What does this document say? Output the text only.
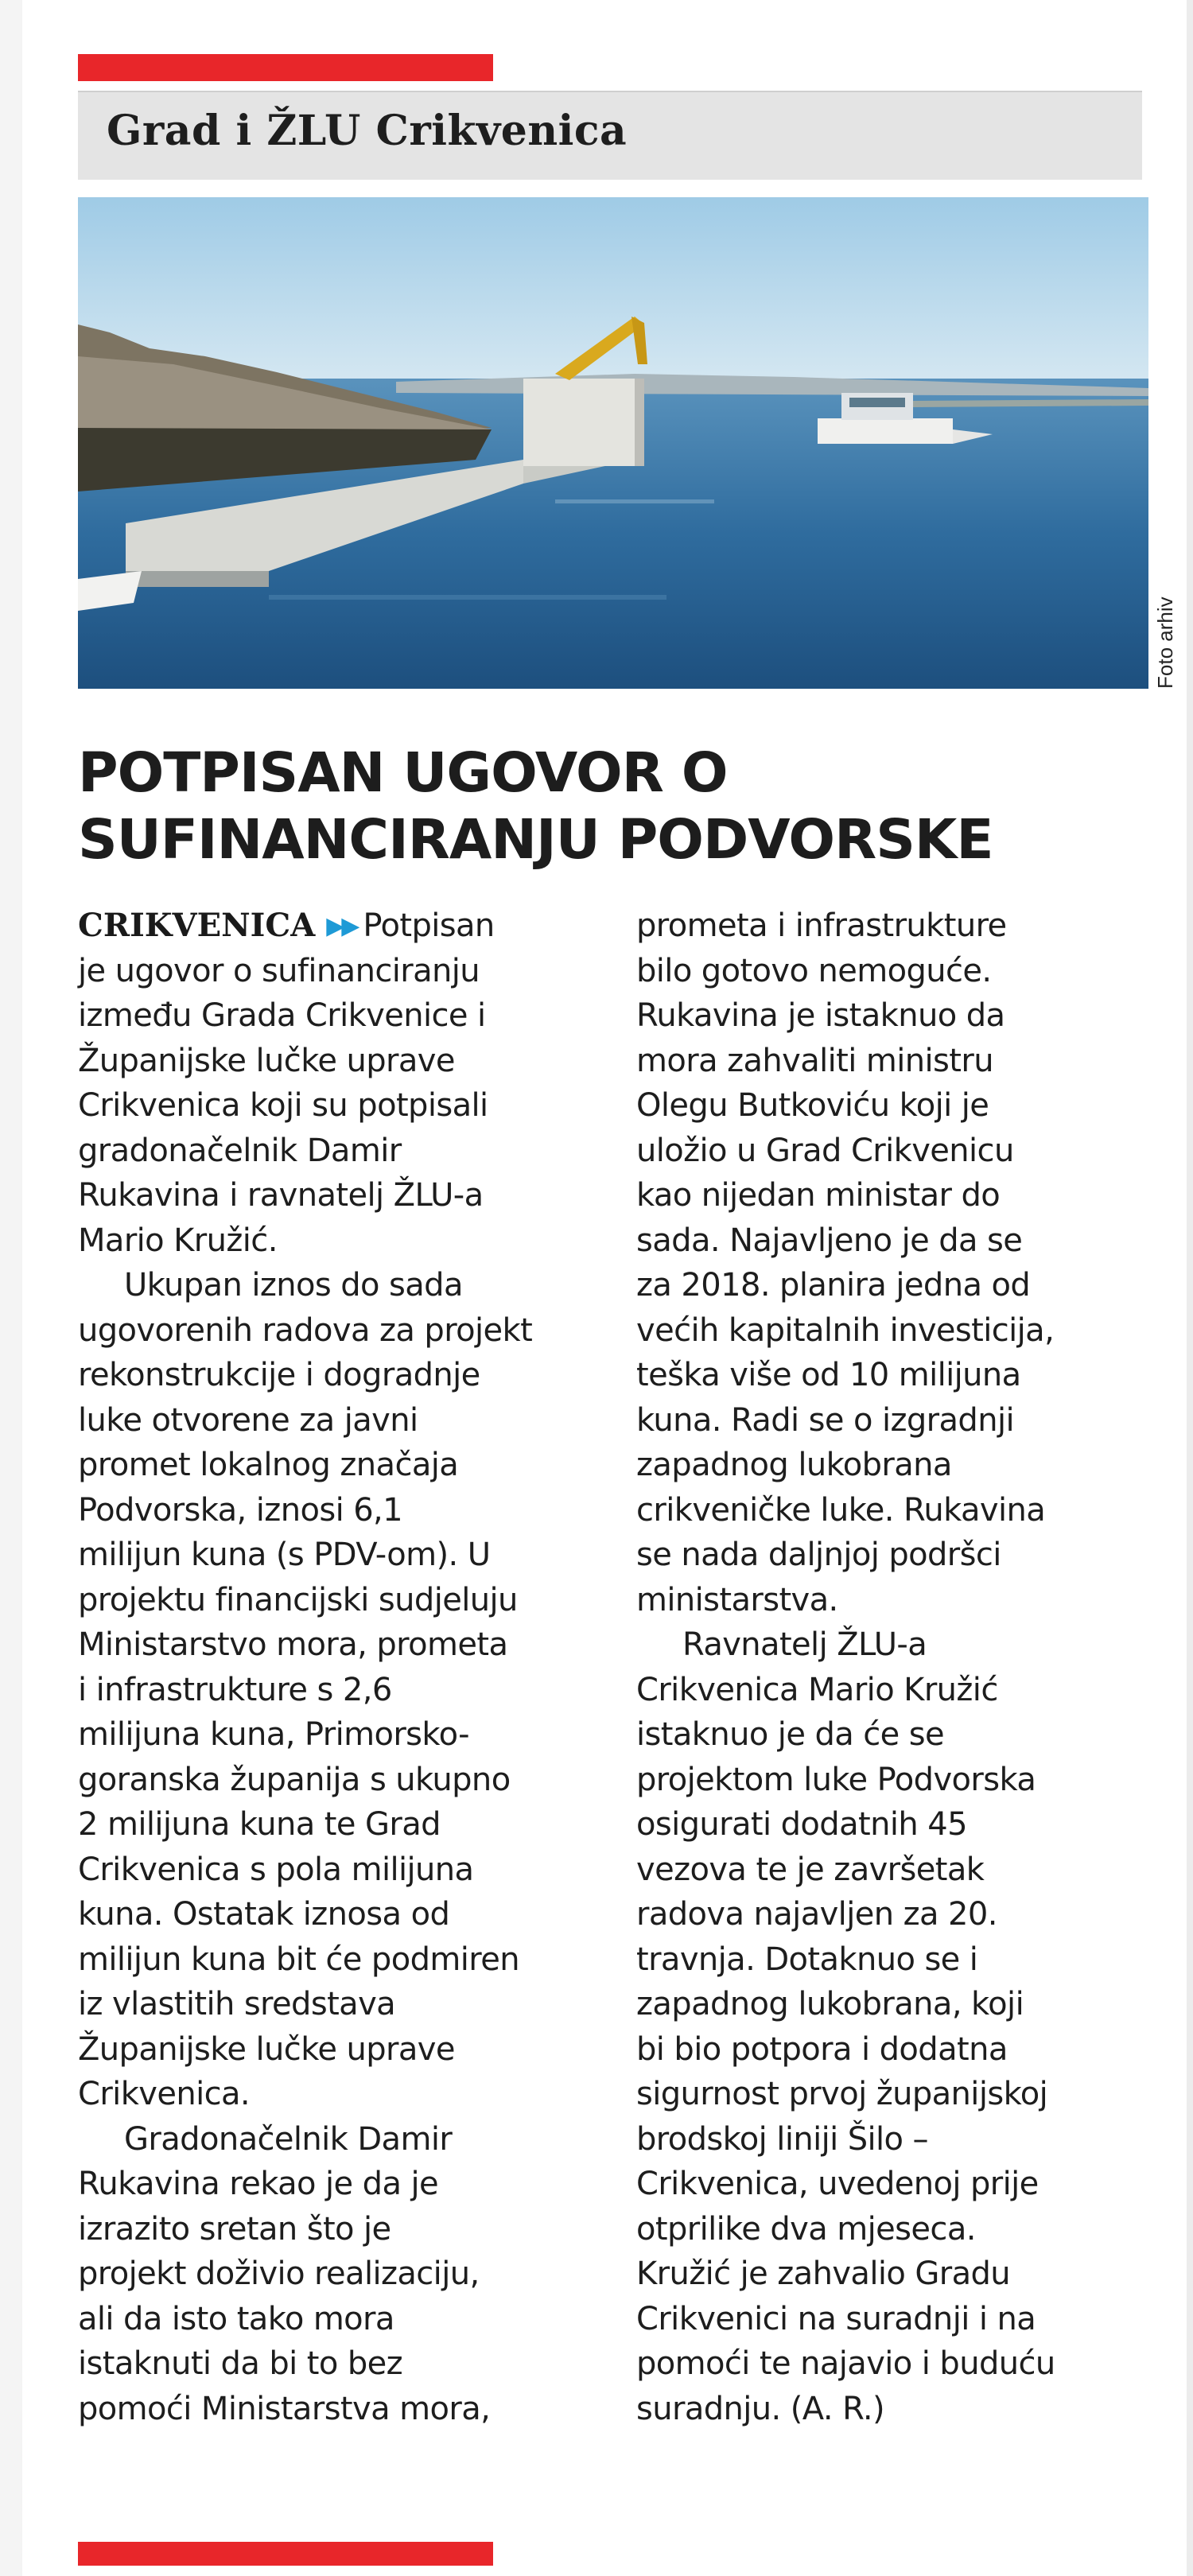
Grad i ŽLU Crikvenica
Foto arhiv
POTPISAN UGOVOR O
SUFINANCIRANJU PODVORSKE
CRIKVENICA ▶▶ Potpisan
je ugovor o sufinanciranju
između Grada Crikvenice i
Županijske lučke uprave
Crikvenica koji su potpisali
gradonačelnik Damir
Rukavina i ravnatelj ŽLU-a
Mario Kružić.
Ukupan iznos do sada
ugovorenih radova za projekt
rekonstrukcije i dogradnje
luke otvorene za javni
promet lokalnog značaja
Podvorska, iznosi 6,1
milijun kuna (s PDV-om). U
projektu financijski sudjeluju
Ministarstvo mora, prometa
i infrastrukture s 2,6
milijuna kuna, Primorsko-
goranska županija s ukupno
2 milijuna kuna te Grad
Crikvenica s pola milijuna
kuna. Ostatak iznosa od
milijun kuna bit će podmiren
iz vlastitih sredstava
Županijske lučke uprave
Crikvenica.
Gradonačelnik Damir
Rukavina rekao je da je
izrazito sretan što je
projekt doživio realizaciju,
ali da isto tako mora
istaknuti da bi to bez
pomoći Ministarstva mora,
prometa i infrastrukture
bilo gotovo nemoguće.
Rukavina je istaknuo da
mora zahvaliti ministru
Olegu Butkoviću koji je
uložio u Grad Crikvenicu
kao nijedan ministar do
sada. Najavljeno je da se
za 2018. planira jedna od
većih kapitalnih investicija,
teška više od 10 milijuna
kuna. Radi se o izgradnji
zapadnog lukobrana
crikveničke luke. Rukavina
se nada daljnjoj podršci
ministarstva.
Ravnatelj ŽLU-a
Crikvenica Mario Kružić
istaknuo je da će se
projektom luke Podvorska
osigurati dodatnih 45
vezova te je završetak
radova najavljen za 20.
travnja. Dotaknuo se i
zapadnog lukobrana, koji
bi bio potpora i dodatna
sigurnost prvoj županijskoj
brodskoj liniji Šilo –
Crikvenica, uvedenoj prije
otprilike dva mjeseca.
Kružić je zahvalio Gradu
Crikvenici na suradnji i na
pomoći te najavio i buduću
suradnju. (A. R.)
